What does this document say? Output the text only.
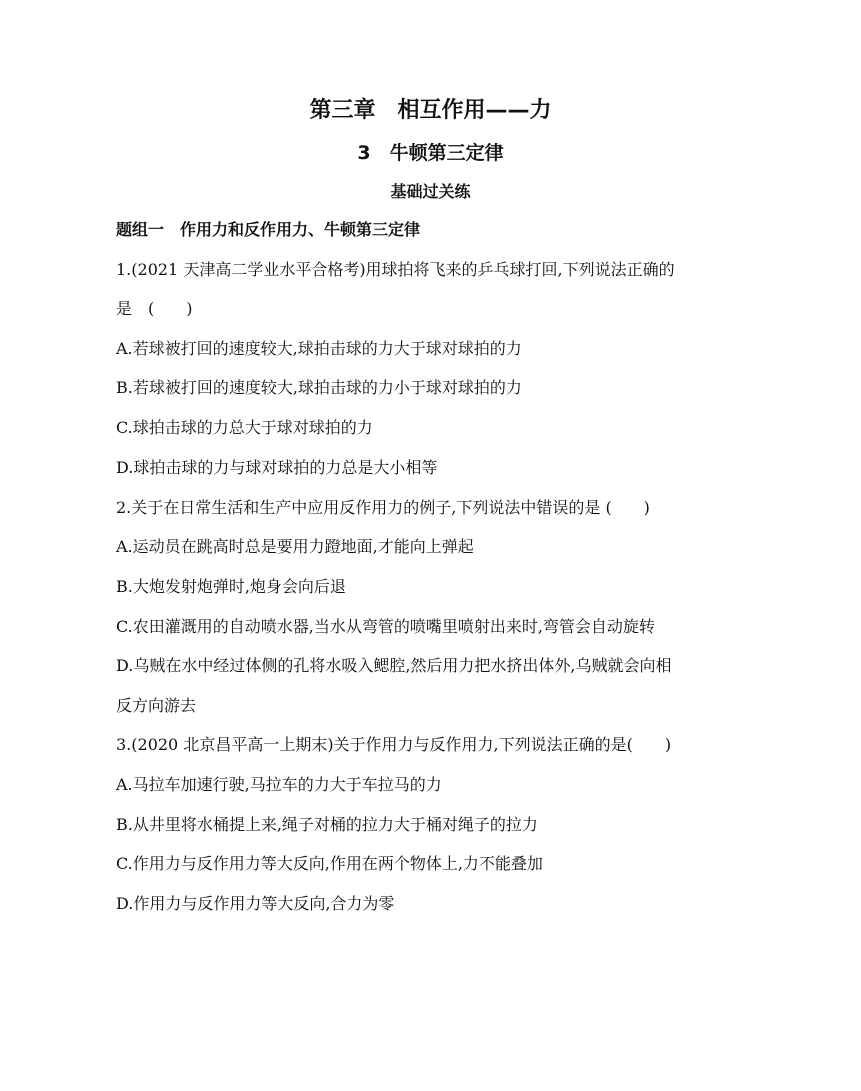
第三章　相互作用——力
3　牛顿第三定律
基础过关练
题组一　作用力和反作用力、牛顿第三定律
1.(2021 天津高二学业水平合格考)用球拍将飞来的乒乓球打回,下列说法正确的
是　(　　)
A.若球被打回的速度较大,球拍击球的力大于球对球拍的力
B.若球被打回的速度较大,球拍击球的力小于球对球拍的力
C.球拍击球的力总大于球对球拍的力
D.球拍击球的力与球对球拍的力总是大小相等
2.关于在日常生活和生产中应用反作用力的例子,下列说法中错误的是 (　　)
A.运动员在跳高时总是要用力蹬地面,才能向上弹起
B.大炮发射炮弹时,炮身会向后退
C.农田灌溉用的自动喷水器,当水从弯管的喷嘴里喷射出来时,弯管会自动旋转
D.乌贼在水中经过体侧的孔将水吸入鳃腔,然后用力把水挤出体外,乌贼就会向相
反方向游去
3.(2020 北京昌平高一上期末)关于作用力与反作用力,下列说法正确的是(　　)
A.马拉车加速行驶,马拉车的力大于车拉马的力
B.从井里将水桶提上来,绳子对桶的拉力大于桶对绳子的拉力
C.作用力与反作用力等大反向,作用在两个物体上,力不能叠加
D.作用力与反作用力等大反向,合力为零
